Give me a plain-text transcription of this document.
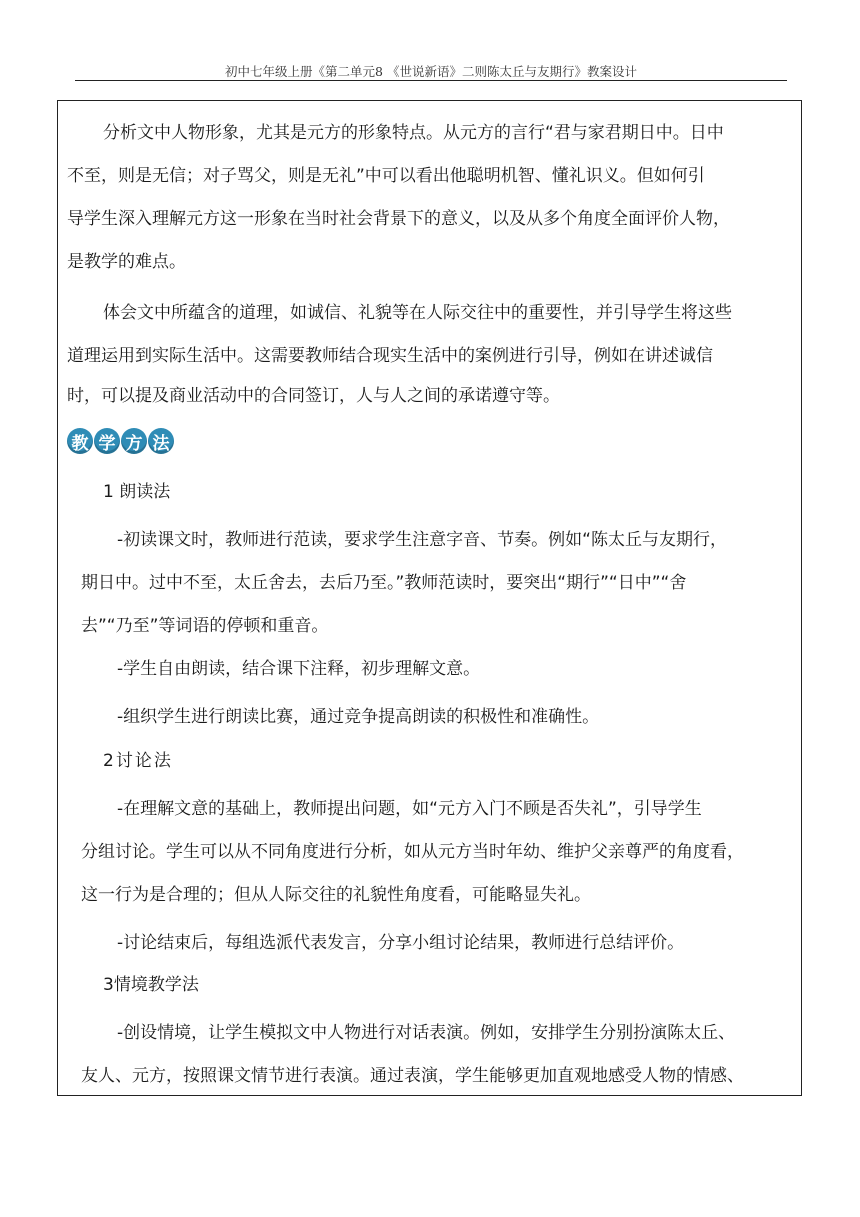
初中七年级上册《第二单元8 《世说新语》二则陈太丘与友期行》教案设计
分析文中人物形象，尤其是元方的形象特点。从元方的言行“君与家君期日中。日中
不至，则是无信；对子骂父，则是无礼”中可以看出他聪明机智、懂礼识义。但如何引
导学生深入理解元方这一形象在当时社会背景下的意义，以及从多个角度全面评价人物，
是教学的难点。
体会文中所蕴含的道理，如诚信、礼貌等在人际交往中的重要性，并引导学生将这些
道理运用到实际生活中。这需要教师结合现实生活中的案例进行引导，例如在讲述诚信
时，可以提及商业活动中的合同签订，人与人之间的承诺遵守等。
教 学 方 法
1 朗读法
-初读课文时，教师进行范读，要求学生注意字音、节奏。例如“陈太丘与友期行，
期日中。过中不至，太丘舍去，去后乃至。”教师范读时，要突出“期行”“日中”“舍
去”“乃至”等词语的停顿和重音。
-学生自由朗读，结合课下注释，初步理解文意。
-组织学生进行朗读比赛，通过竞争提高朗读的积极性和准确性。
2讨论法
-在理解文意的基础上，教师提出问题，如“元方入门不顾是否失礼”，引导学生
分组讨论。学生可以从不同角度进行分析，如从元方当时年幼、维护父亲尊严的角度看，
这一行为是合理的；但从人际交往的礼貌性角度看，可能略显失礼。
-讨论结束后，每组选派代表发言，分享小组讨论结果，教师进行总结评价。
3情境教学法
-创设情境，让学生模拟文中人物进行对话表演。例如，安排学生分别扮演陈太丘、
友人、元方，按照课文情节进行表演。通过表演，学生能够更加直观地感受人物的情感、
